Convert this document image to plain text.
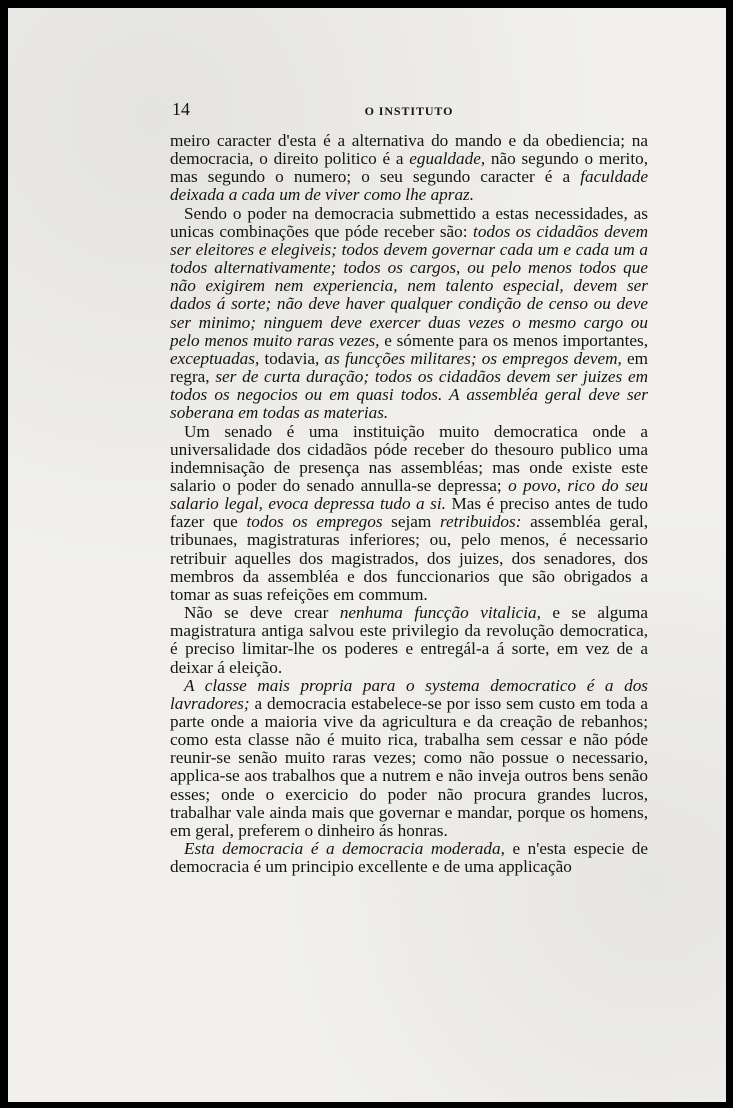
14	O INSTITUTO

meiro caracter d'esta é a alternativa do mando e da obediencia; na democracia, o direito politico é a egualdade, não segundo o merito, mas segundo o numero; o seu segundo caracter é a faculdade deixada a cada um de viver como lhe apraz.

Sendo o poder na democracia submettido a estas necessidades, as unicas combinações que póde receber são: todos os cidadãos devem ser eleitores e elegiveis; todos devem governar cada um e cada um a todos alternativamente; todos os cargos, ou pelo menos todos que não exigirem nem experiencia, nem talento especial, devem ser dados á sorte; não deve haver qualquer condição de censo ou deve ser minimo; ninguem deve exercer duas vezes o mesmo cargo ou pelo menos muito raras vezes, e sómente para os menos importantes, exceptuadas, todavia, as funcções militares; os empregos devem, em regra, ser de curta duração; todos os cidadãos devem ser juizes em todos os negocios ou em quasi todos. A assembléa geral deve ser soberana em todas as materias.

Um senado é uma instituição muito democratica onde a universalidade dos cidadãos póde receber do thesouro publico uma indemnisação de presença nas assembléas; mas onde existe este salario o poder do senado annulla-se depressa; o povo, rico do seu salario legal, evoca depressa tudo a si. Mas é preciso antes de tudo fazer que todos os empregos sejam retribuidos: assembléa geral, tribunaes, magistraturas inferiores; ou, pelo menos, é necessario retribuir aquelles dos magistrados, dos juizes, dos senadores, dos membros da assembléa e dos funccionarios que são obrigados a tomar as suas refeições em commum.

Não se deve crear nenhuma funcção vitalicia, e se alguma magistratura antiga salvou este privilegio da revolução democratica, é preciso limitar-lhe os poderes e entregál-a á sorte, em vez de a deixar á eleição.

A classe mais propria para o systema democratico é a dos lavradores; a democracia estabelece-se por isso sem custo em toda a parte onde a maioria vive da agricultura e da creação de rebanhos; como esta classe não é muito rica, trabalha sem cessar e não póde reunir-se senão muito raras vezes; como não possue o necessario, applica-se aos trabalhos que a nutrem e não inveja outros bens senão esses; onde o exercicio do poder não procura grandes lucros, trabalhar vale ainda mais que governar e mandar, porque os homens, em geral, preferem o dinheiro ás honras.

Esta democracia é a democracia moderada, e n'esta especie de democracia é um principio excellente e de uma applicação
